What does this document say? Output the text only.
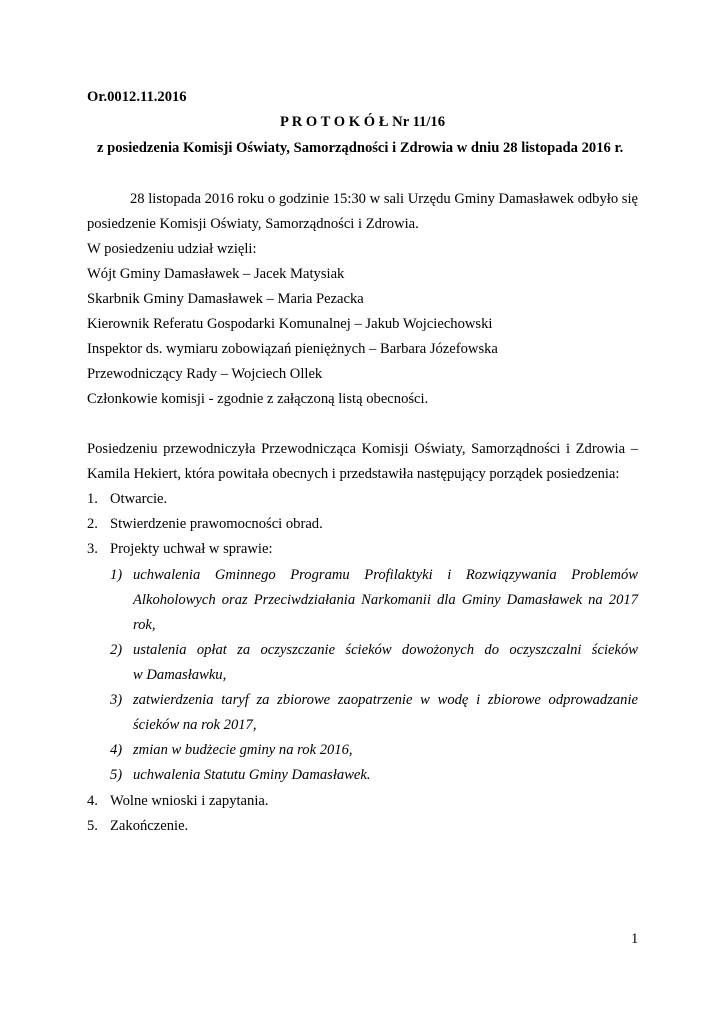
Or.0012.11.2016
P R O T O K Ó Ł Nr 11/16
z posiedzenia Komisji Oświaty, Samorządności i Zdrowia w dniu 28 listopada 2016 r.
28 listopada 2016 roku o godzinie 15:30 w sali Urzędu Gminy Damasławek odbyło się
posiedzenie Komisji Oświaty, Samorządności i Zdrowia.
W posiedzeniu udział wzięli:
Wójt Gminy Damasławek – Jacek Matysiak
Skarbnik Gminy Damasławek – Maria Pezacka
Kierownik Referatu Gospodarki Komunalnej – Jakub Wojciechowski
Inspektor ds. wymiaru zobowiązań pieniężnych – Barbara Józefowska
Przewodniczący Rady – Wojciech Ollek
Członkowie komisji - zgodnie z załączoną listą obecności.
Posiedzeniu przewodniczyła Przewodnicząca Komisji Oświaty, Samorządności i Zdrowia –
Kamila Hekiert, która powitała obecnych i przedstawiła następujący porządek posiedzenia:
1. Otwarcie.
2. Stwierdzenie prawomocności obrad.
3. Projekty uchwał w sprawie:
1) uchwalenia Gminnego Programu Profilaktyki i Rozwiązywania Problemów
Alkoholowych oraz Przeciwdziałania Narkomanii dla Gminy Damasławek na 2017
rok,
2) ustalenia opłat za oczyszczanie ścieków dowożonych do oczyszczalni ścieków
w Damasławku,
3) zatwierdzenia taryf za zbiorowe zaopatrzenie w wodę i zbiorowe odprowadzanie
ścieków na rok 2017,
4) zmian w budżecie gminy na rok 2016,
5) uchwalenia Statutu Gminy Damasławek.
4. Wolne wnioski i zapytania.
5. Zakończenie.
1
